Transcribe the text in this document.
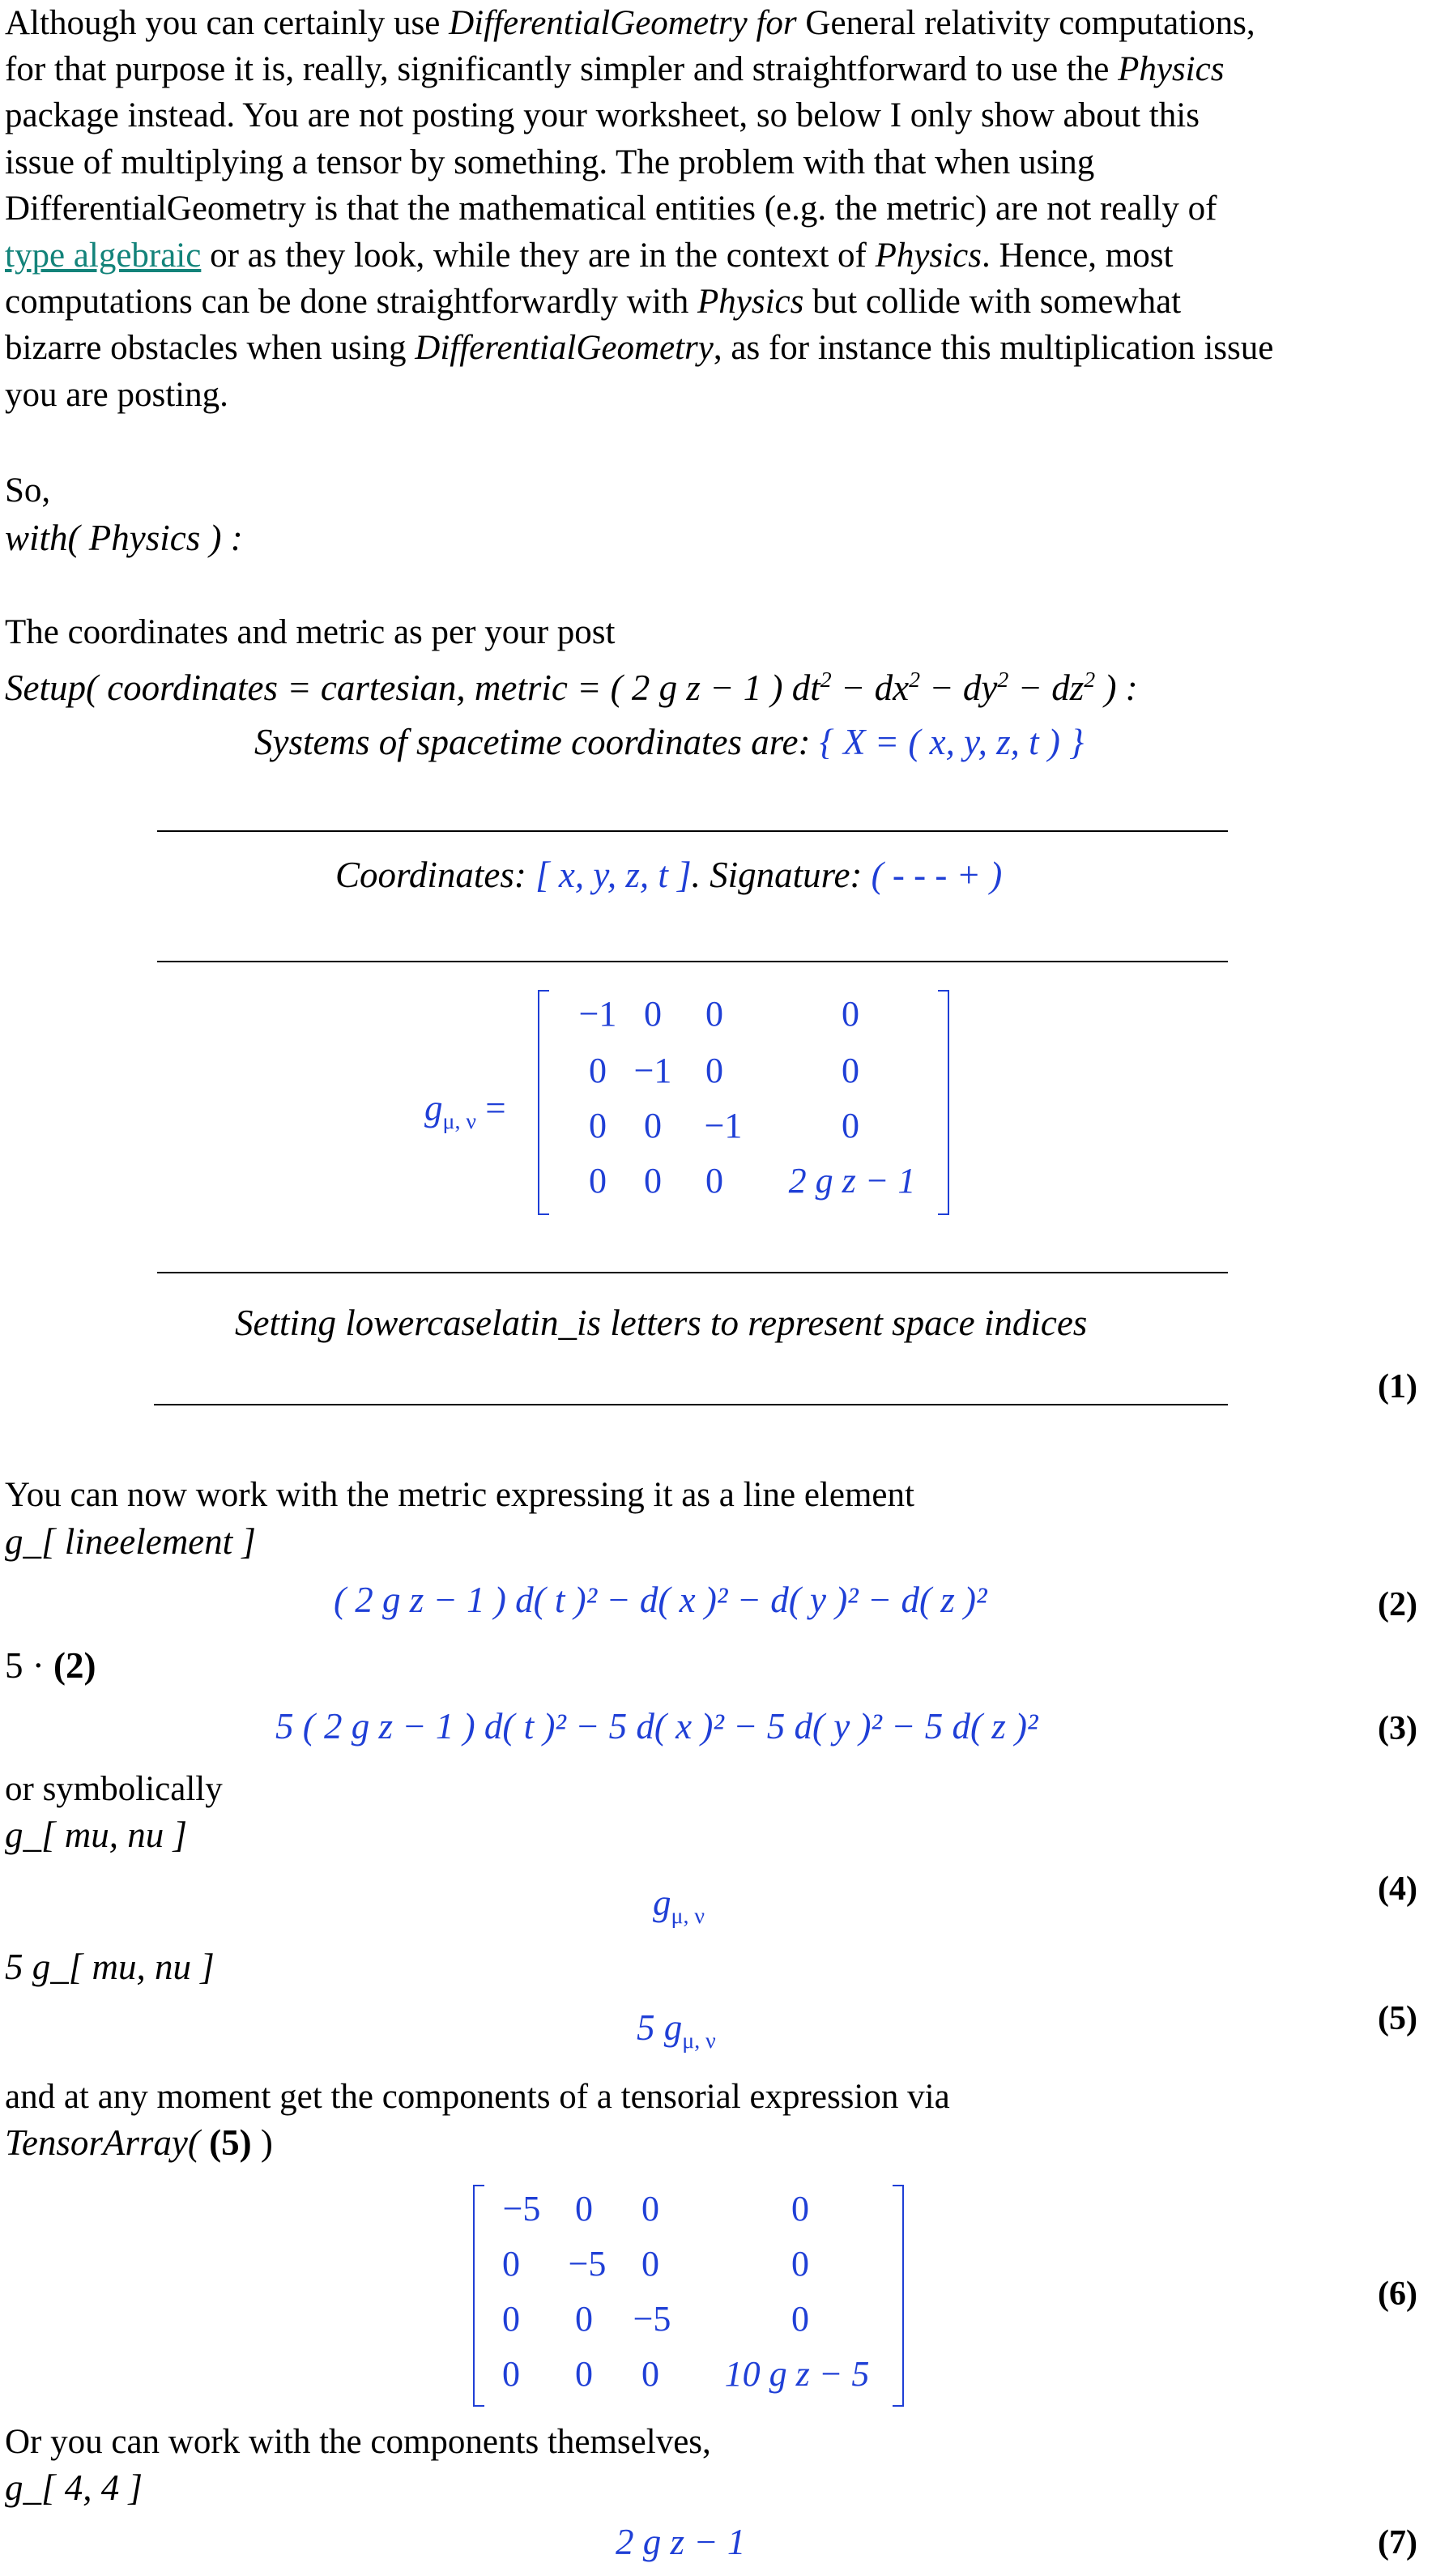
Although you can certainly use DifferentialGeometry for General relativity computations,
for that purpose it is, really, significantly simpler and straightforward to use the Physics
package instead. You are not posting your worksheet, so below I only show about this
issue of multiplying a tensor by something. The problem with that when using
DifferentialGeometry is that the mathematical entities (e.g. the metric) are not really of
type algebraic or as they look, while they are in the context of Physics. Hence, most
computations can be done straightforwardly with Physics but collide with somewhat
bizarre obstacles when using DifferentialGeometry, as for instance this multiplication issue
you are posting.
So,
with( Physics ) :
The coordinates and metric as per your post
Setup( coordinates = cartesian, metric = ( 2 g z − 1 ) $dt^2 - dx^2 - dy^2 - dz^2$ ) :
Systems of spacetime coordinates are: { X = ( x, y, z, t ) }
Coordinates: [ x, y, z, t ]. Signature: ( - - - + )
$g_{\mu, \nu}$ =
−1 0	0	0
0 −1 0	0
0	0	−1	0
0	0	0	2 g z − 1
Setting lowercaselatin_is letters to represent space indices
(1)
You can now work with the metric expressing it as a line element
g_[ lineelement ]
( 2 g z − 1 ) d( t )² − d( x )² − d( y )² − d( z )²	(2)
5 · (2)
5 ( 2 g z − 1 ) d( t )² − 5 d( x )² − 5 d( y )² − 5 d( z )²	(3)
or symbolically
g_[ mu, nu ]
$g_{\mu, \nu}$
(4)
5 g_[ mu, nu ]
5 $g_{\mu, \nu}$
(5)
and at any moment get the components of a tensorial expression via
TensorArray( (5) )
−5 0	0	0
0	−5 0	0
0	0	−5	0
0	0	0	10 g z − 5
(6)
Or you can work with the components themselves,
g_[ 4, 4 ]
2 g z − 1	(7)
